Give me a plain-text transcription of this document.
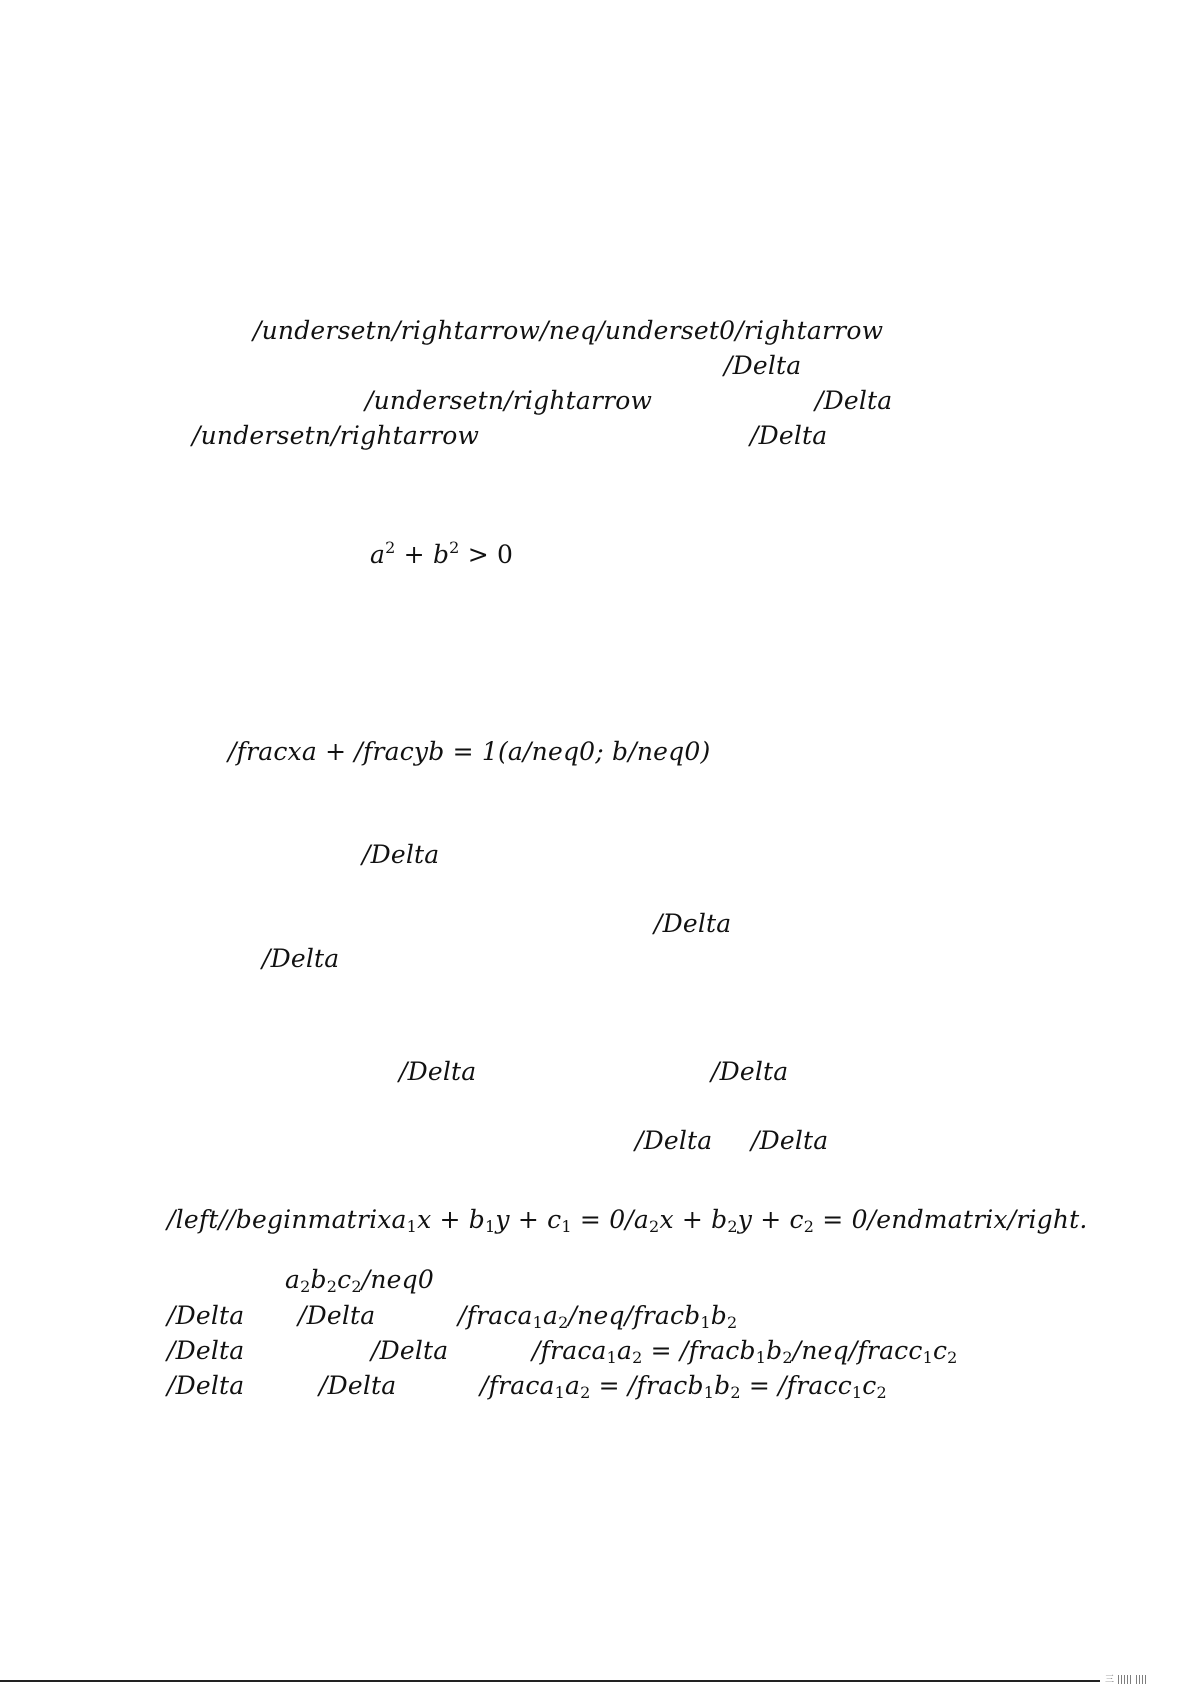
/undersetn/rightarrow/neq/underset0/rightarrow
/Delta
/undersetn/rightarrow	/Delta
/undersetn/rightarrow	/Delta
$a^2 + b^2 > 0$
/fracxa + /fracyb = 1(a/neq0; b/neq0)
/Delta
/Delta
/Delta
/Delta	/Delta
/Delta /Delta
/left//beginmatrixa$_1$x + $b_1y + c_1 = 0/a_2x + b_2y + c_2$ = 0/endmatrix/right.
$a_2b_2c_2/neq0$
/Delta /Delta	$/fraca_1a_2/neq/fracb_1b_2$
/Delta	/Delta	$/fraca_1a_2$ = $/fracb_1b_2/neq/fracc_1c_2$
/Delta	/Delta	$/fraca_1a_2$ = $/fracb_1b_2$ = $/fracc_1c_2$
三 ||||| ||||
